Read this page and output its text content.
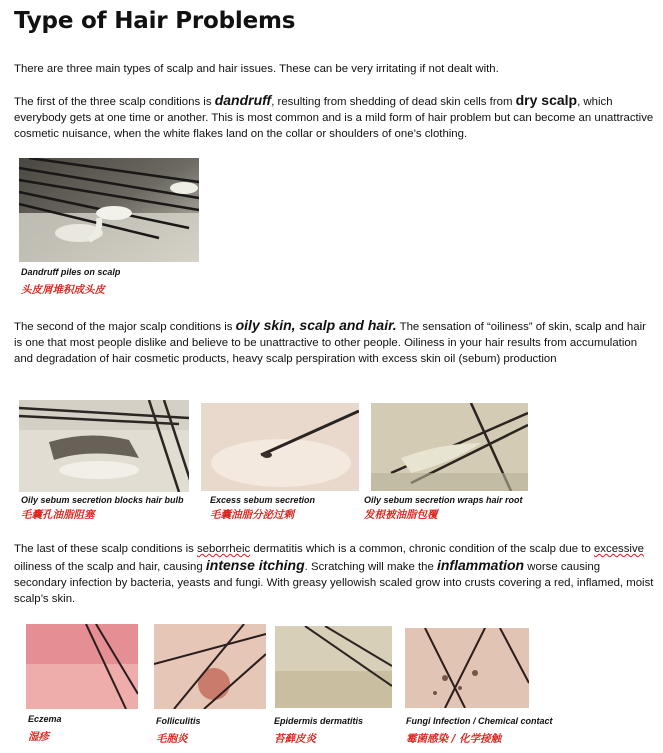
Type of Hair Problems
There are three main types of scalp and hair issues. These can be very irritating if not dealt with.
The first of the three scalp conditions is dandruff, resulting from shedding of dead skin cells from dry scalp, which everybody gets at one time or another. This is most common and is a mild form of hair problem but can become an unattractive cosmetic nuisance, when the white flakes land on the collar or shoulders of one’s clothing.
Dandruff piles on scalp
头皮屑堆积成头皮
The second of the major scalp conditions is oily skin, scalp and hair. The sensation of “oiliness” of skin, scalp and hair is one that most people dislike and believe to be unattractive to other people. Oiliness in your hair results from accumulation and degradation of hair cosmetic products, heavy scalp perspiration with excess skin oil (sebum) production
Oily sebum secretion blocks hair bulb
毛囊孔油脂阻塞
Excess sebum secretion
毛囊油脂分泌过剩
Oily sebum secretion wraps hair root
发根被油脂包覆
The last of these scalp conditions is seborrheic dermatitis which is a common, chronic condition of the scalp due to excessive oiliness of the scalp and hair, causing intense itching. Scratching will make the inflammation worse causing secondary infection by bacteria, yeasts and fungi. With greasy yellowish scaled grow into crusts covering a red, inflamed, moist scalp’s skin.
Eczema
湿疹
Folliculitis
毛胞炎
Epidermis dermatitis
苔藓皮炎
Fungi Infection / Chemical contact
霉菌感染 / 化学接触
